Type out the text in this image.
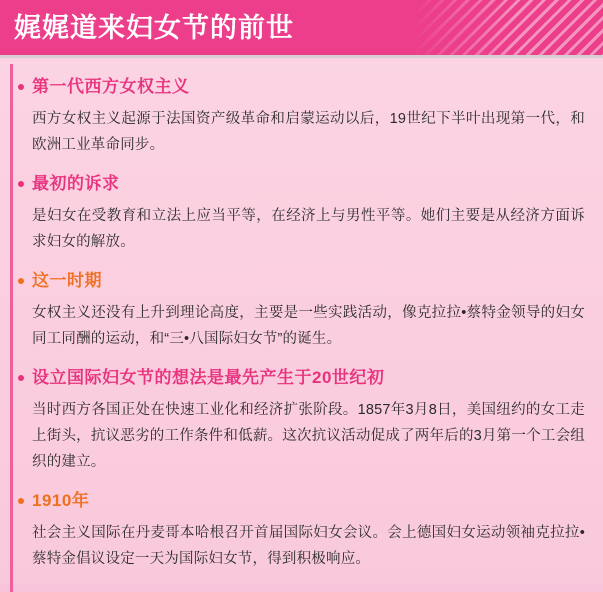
娓娓道来妇女节的前世
第一代西方女权主义

西方女权主义起源于法国资产级革命和启蒙运动以后，19世纪下半叶出现第一代，和欧洲工业革命同步。

最初的诉求

是妇女在受教育和立法上应当平等，在经济上与男性平等。她们主要是从经济方面诉求妇女的解放。

这一时期

女权主义还没有上升到理论高度，主要是一些实践活动，像克拉拉•蔡特金领导的妇女同工同酬的运动，和“三•八国际妇女节”的诞生。

设立国际妇女节的想法是最先产生于20世纪初

当时西方各国正处在快速工业化和经济扩张阶段。1857年3月8日，美国纽约的女工走上街头，抗议恶劣的工作条件和低薪。这次抗议活动促成了两年后的3月第一个工会组织的建立。

1910年

社会主义国际在丹麦哥本哈根召开首届国际妇女会议。会上德国妇女运动领袖克拉拉•蔡特金倡议设定一天为国际妇女节，得到积极响应。
